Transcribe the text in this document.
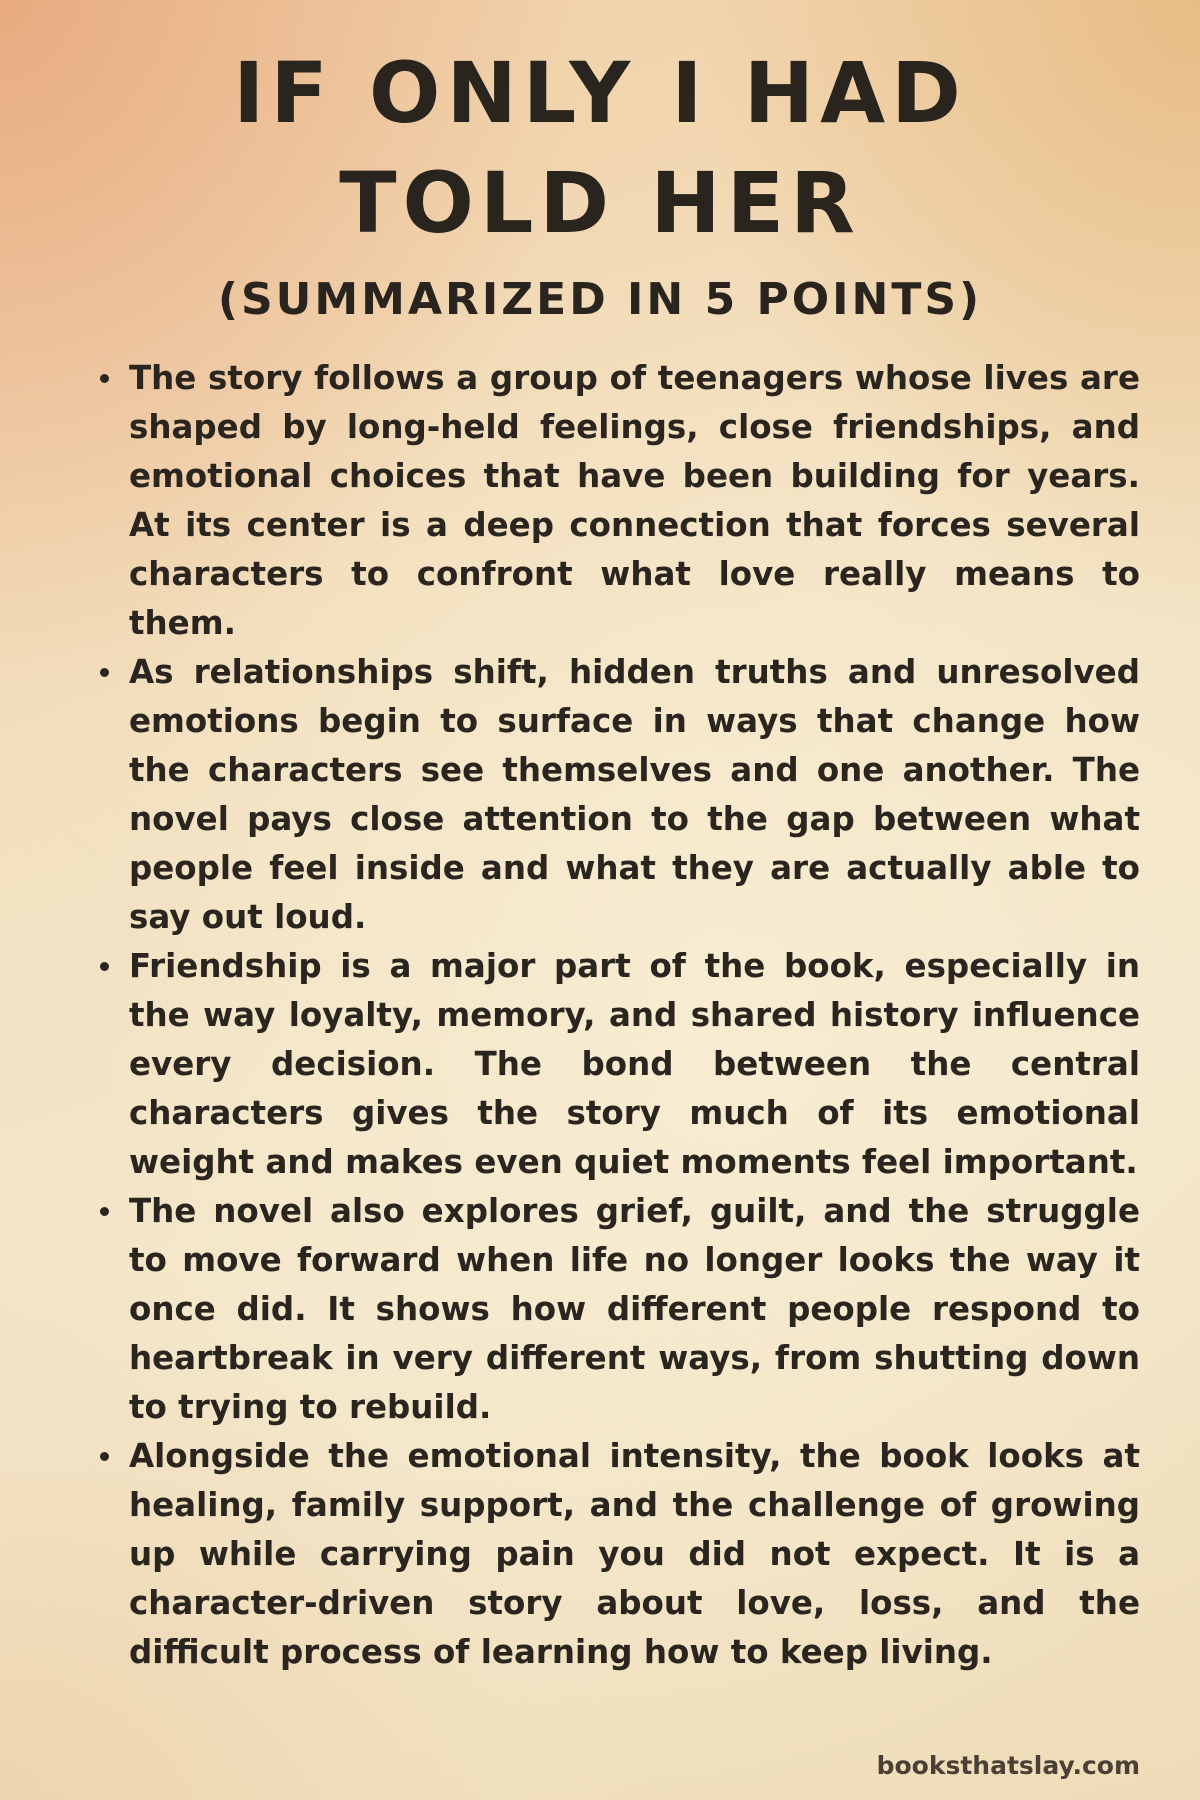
IF ONLY I HAD TOLD HER
(SUMMARIZED IN 5 POINTS)
The story follows a group of teenagers whose lives are shaped by long-held feelings, close friendships, and emotional choices that have been building for years. At its center is a deep connection that forces several characters to confront what love really means to them.
As relationships shift, hidden truths and unresolved emotions begin to surface in ways that change how the characters see themselves and one another. The novel pays close attention to the gap between what people feel inside and what they are actually able to say out loud.
Friendship is a major part of the book, especially in the way loyalty, memory, and shared history influence every decision. The bond between the central characters gives the story much of its emotional weight and makes even quiet moments feel important.
The novel also explores grief, guilt, and the struggle to move forward when life no longer looks the way it once did. It shows how different people respond to heartbreak in very different ways, from shutting down to trying to rebuild.
Alongside the emotional intensity, the book looks at healing, family support, and the challenge of growing up while carrying pain you did not expect. It is a character-driven story about love, loss, and the difficult process of learning how to keep living.
booksthatslay.com
